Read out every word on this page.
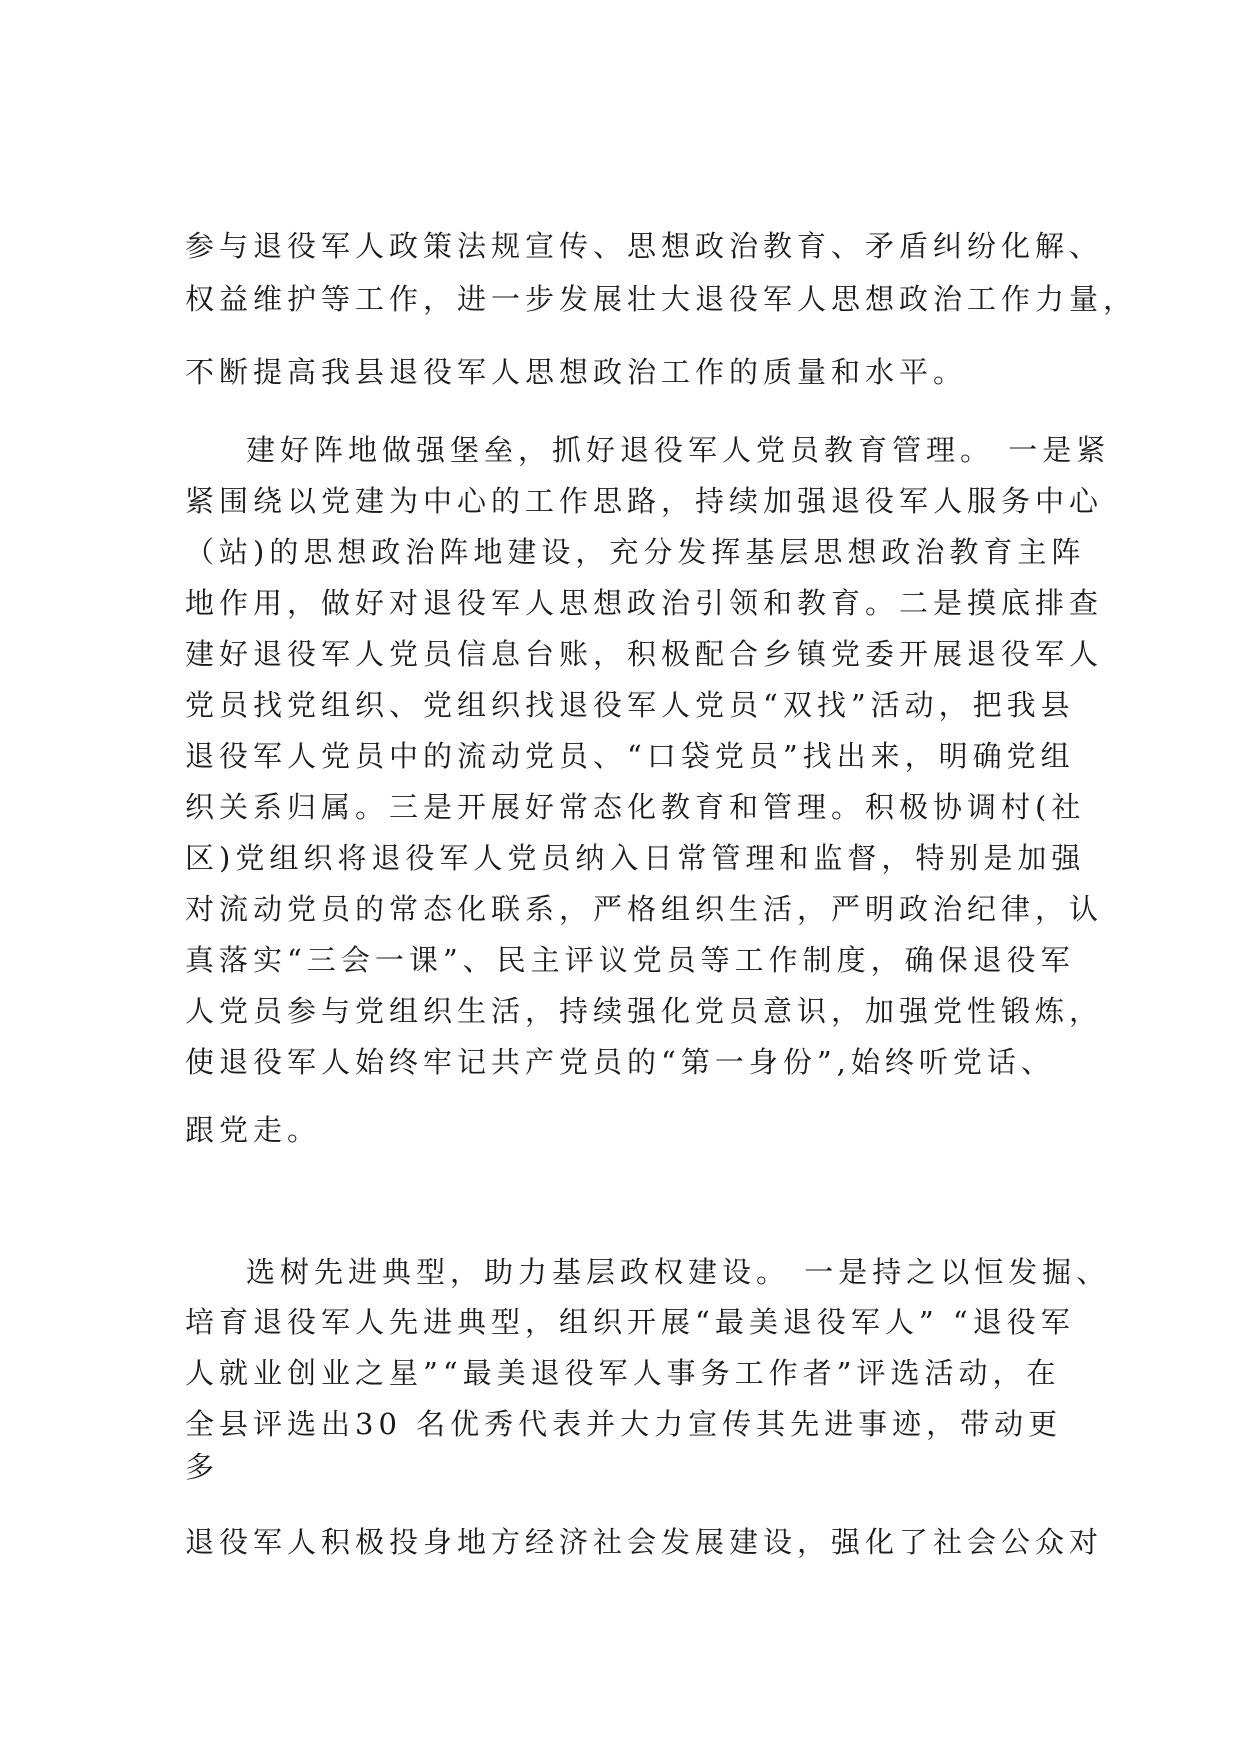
参与退役军人政策法规宣传、思想政治教育、矛盾纠纷化解、
权益维护等工作，进一步发展壮大退役军人思想政治工作力量，
不断提高我县退役军人思想政治工作的质量和水平。
建好阵地做强堡垒，抓好退役军人党员教育管理。 一是紧
紧围绕以党建为中心的工作思路，持续加强退役军人服务中心
（站)的思想政治阵地建设，充分发挥基层思想政治教育主阵
地作用，做好对退役军人思想政治引领和教育。二是摸底排查
建好退役军人党员信息台账，积极配合乡镇党委开展退役军人
党员找党组织、党组织找退役军人党员“双找”活动，把我县
退役军人党员中的流动党员、“口袋党员”找出来，明确党组
织关系归属。三是开展好常态化教育和管理。积极协调村(社
区)党组织将退役军人党员纳入日常管理和监督，特别是加强
对流动党员的常态化联系，严格组织生活，严明政治纪律，认
真落实“三会一课”、民主评议党员等工作制度，确保退役军
人党员参与党组织生活，持续强化党员意识，加强党性锻炼，
使退役军人始终牢记共产党员的“第一身份”,始终听党话、
跟党走。
选树先进典型，助力基层政权建设。 一是持之以恒发掘、
培育退役军人先进典型，组织开展“最美退役军人” “退役军
人就业创业之星”“最美退役军人事务工作者”评选活动，在
全县评选出30 名优秀代表并大力宣传其先进事迹，带动更
多
退役军人积极投身地方经济社会发展建设，强化了社会公众对
